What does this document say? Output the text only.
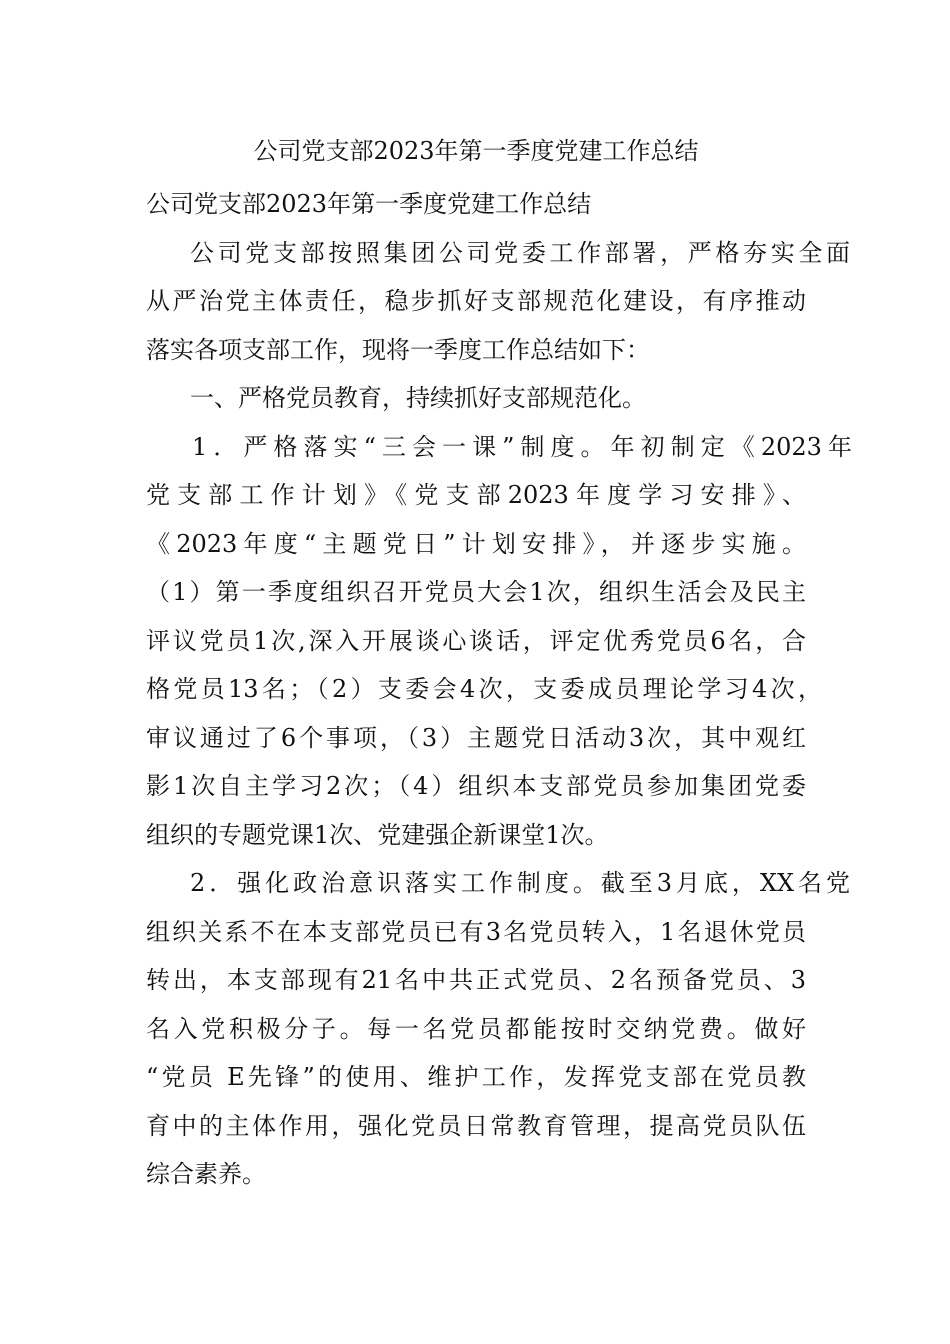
公司党支部2023年第一季度党建工作总结

公司党支部2023年第一季度党建工作总结

公司党支部按照集团公司党委工作部署，严格夯实全面

从严治党主体责任，稳步抓好支部规范化建设，有序推动

落实各项支部工作，现将一季度工作总结如下：

一、严格党员教育，持续抓好支部规范化。

1．严格落实“三会一课”制度。年初制定《2023年

党支部工作计划》《党支部2023年度学习安排》、

《2023年度“主题党日”计划安排》，并逐步实施。

（1）第一季度组织召开党员大会1次，组织生活会及民主

评议党员1次,深入开展谈心谈话，评定优秀党员6名，合

格党员13名；（2）支委会4次，支委成员理论学习4次，

审议通过了6个事项，（3）主题党日活动3次，其中观红

影1次自主学习2次；（4）组织本支部党员参加集团党委

组织的专题党课1次、党建强企新课堂1次。

2．强化政治意识落实工作制度。截至3月底，XX名党

组织关系不在本支部党员已有3名党员转入，1名退休党员

转出，本支部现有21名中共正式党员、2名预备党员、3

名入党积极分子。每一名党员都能按时交纳党费。做好

“党员 E先锋”的使用、维护工作，发挥党支部在党员教

育中的主体作用，强化党员日常教育管理，提高党员队伍

综合素养。
